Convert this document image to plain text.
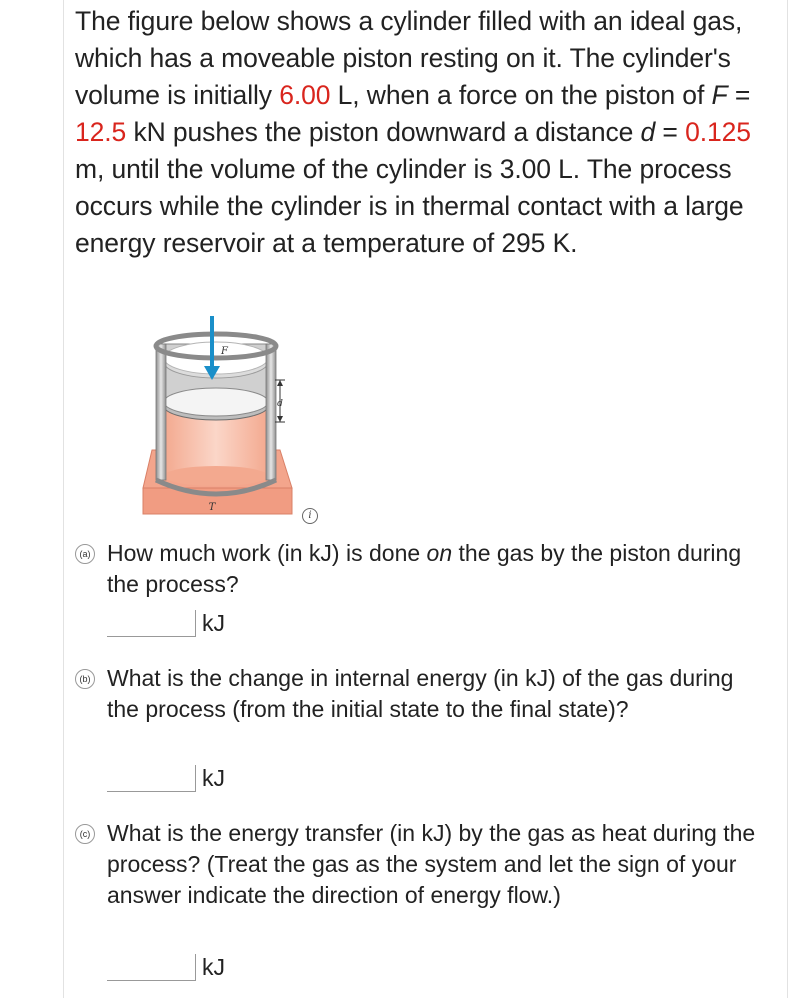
The figure below shows a cylinder filled with an ideal gas, which has a moveable piston resting on it. The cylinder's volume is initially 6.00 L, when a force on the piston of F = 12.5 kN pushes the piston downward a distance d = 0.125 m, until the volume of the cylinder is 3.00 L. The process occurs while the cylinder is in thermal contact with a large energy reservoir at a temperature of 295 K.
F
d
T
i
(a) How much work (in kJ) is done on the gas by the piston during the process?
kJ
(b) What is the change in internal energy (in kJ) of the gas during the process (from the initial state to the final state)?
kJ
(c) What is the energy transfer (in kJ) by the gas as heat during the process? (Treat the gas as the system and let the sign of your answer indicate the direction of energy flow.)
kJ
